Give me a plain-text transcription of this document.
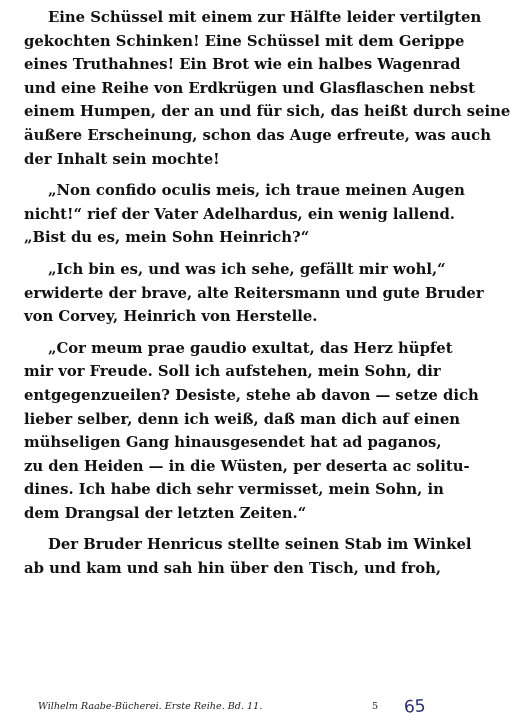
Eine Schüssel mit einem zur Hälfte leider vertilgten
gekochten Schinken! Eine Schüssel mit dem Gerippe
eines Truthahnes! Ein Brot wie ein halbes Wagenrad
und eine Reihe von Erdkrügen und Glasflaschen nebst
einem Humpen, der an und für sich, das heißt durch seine
äußere Erscheinung, schon das Auge erfreute, was auch
der Inhalt sein mochte!
„Non confido oculis meis, ich traue meinen Augen
nicht!“ rief der Vater Adelhardus, ein wenig lallend.
„Bist du es, mein Sohn Heinrich?“
„Ich bin es, und was ich sehe, gefällt mir wohl,“
erwiderte der brave, alte Reitersmann und gute Bruder
von Corvey, Heinrich von Herstelle.
„Cor meum prae gaudio exultat, das Herz hüpfet
mir vor Freude. Soll ich aufstehen, mein Sohn, dir
entgegenzueilen? Desiste, stehe ab davon — setze dich
lieber selber, denn ich weiß, daß man dich auf einen
mühseligen Gang hinausgesendet hat ad paganos,
zu den Heiden — in die Wüsten, per deserta ac solitu-
dines. Ich habe dich sehr vermisset, mein Sohn, in
dem Drangsal der letzten Zeiten.“
Der Bruder Henricus stellte seinen Stab im Winkel
ab und kam und sah hin über den Tisch, und froh,
Wilhelm Raabe-Bücherei. Erste Reihe. Bd. 11.	5 65
